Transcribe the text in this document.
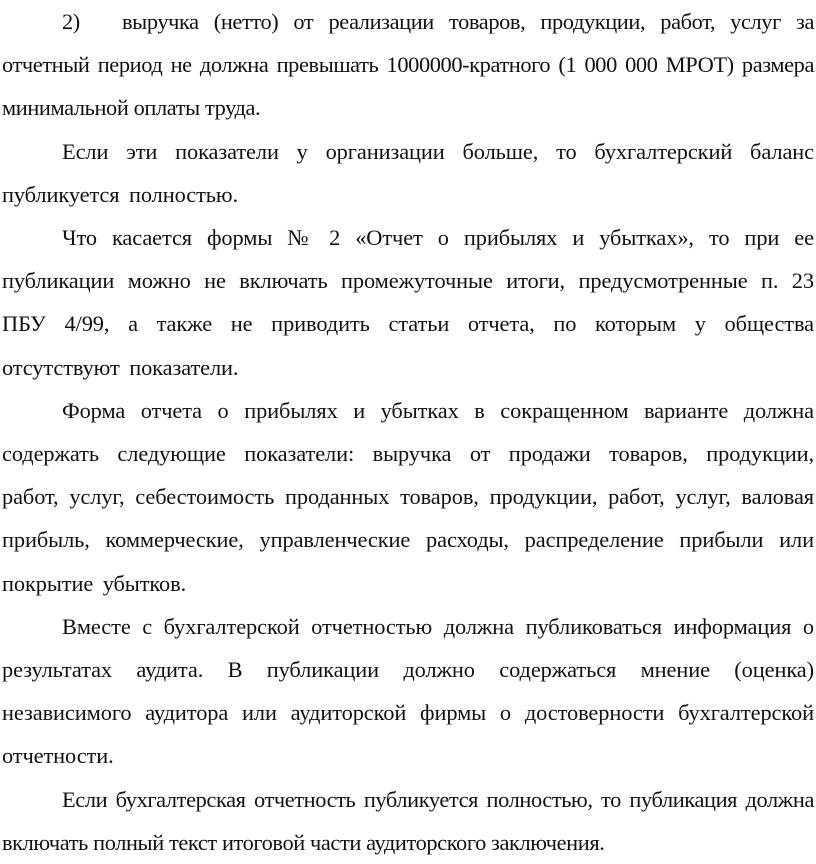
2) выручка (нетто) от реализации товаров, продукции, работ, услуг за отчетный период не должна превышать 1000000-кратного (1 000 000 МРОТ) размера минимальной оплаты труда.

Если эти показатели у организации больше, то бухгалтерский баланс публикуется полностью.

Что касается формы № 2 «Отчет о прибылях и убытках», то при ее публикации можно не включать промежуточные итоги, предусмотренные п. 23 ПБУ 4/99, а также не приводить статьи отчета, по которым у общества отсутствуют показатели.

Форма отчета о прибылях и убытках в сокращенном варианте должна содержать следующие показатели: выручка от продажи товаров, продукции, работ, услуг, себестоимость проданных товаров, продукции, работ, услуг, валовая прибыль, коммерческие, управленческие расходы, распределение прибыли или покрытие убытков.

Вместе с бухгалтерской отчетностью должна публиковаться информация о результатах аудита. В публикации должно содержаться мнение (оценка) независимого аудитора или аудиторской фирмы о достоверности бухгалтерской отчетности.

Если бухгалтерская отчетность публикуется полностью, то публикация должна включать полный текст итоговой части аудиторского заключения.
